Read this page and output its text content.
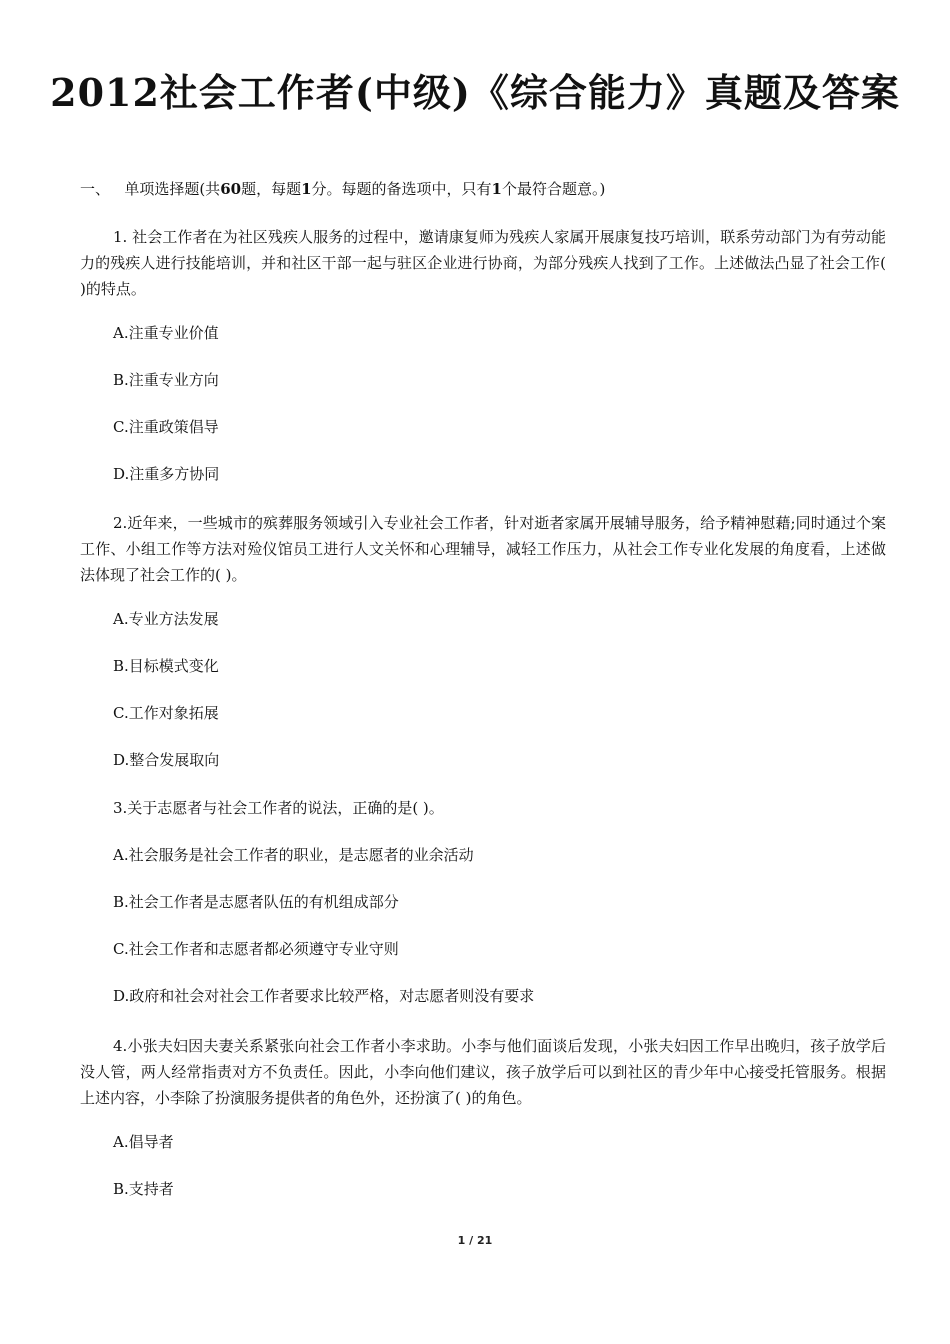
2012社会工作者(中级)《综合能力》真题及答案

一、 单项选择题(共60题，每题1分。每题的备选项中，只有1个最符合题意。)

1. 社会工作者在为社区残疾人服务的过程中，邀请康复师为残疾人家属开展康复技巧培训，联系劳动部门为有劳动能力的残疾人进行技能培训，并和社区干部一起与驻区企业进行协商，为部分残疾人找到了工作。上述做法凸显了社会工作( )的特点。

A.注重专业价值

B.注重专业方向

C.注重政策倡导

D.注重多方协同

2.近年来，一些城市的殡葬服务领域引入专业社会工作者，针对逝者家属开展辅导服务，给予精神慰藉;同时通过个案工作、小组工作等方法对殓仪馆员工进行人文关怀和心理辅导，减轻工作压力，从社会工作专业化发展的角度看，上述做法体现了社会工作的( )。

A.专业方法发展

B.目标模式变化

C.工作对象拓展

D.整合发展取向

3.关于志愿者与社会工作者的说法，正确的是( )。

A.社会服务是社会工作者的职业，是志愿者的业余活动

B.社会工作者是志愿者队伍的有机组成部分

C.社会工作者和志愿者都必须遵守专业守则

D.政府和社会对社会工作者要求比较严格，对志愿者则没有要求

4.小张夫妇因夫妻关系紧张向社会工作者小李求助。小李与他们面谈后发现，小张夫妇因工作早出晚归，孩子放学后没人管，两人经常指责对方不负责任。因此，小李向他们建议，孩子放学后可以到社区的青少年中心接受托管服务。根据上述内容，小李除了扮演服务提供者的角色外，还扮演了( )的角色。

A.倡导者

B.支持者

1 / 21
